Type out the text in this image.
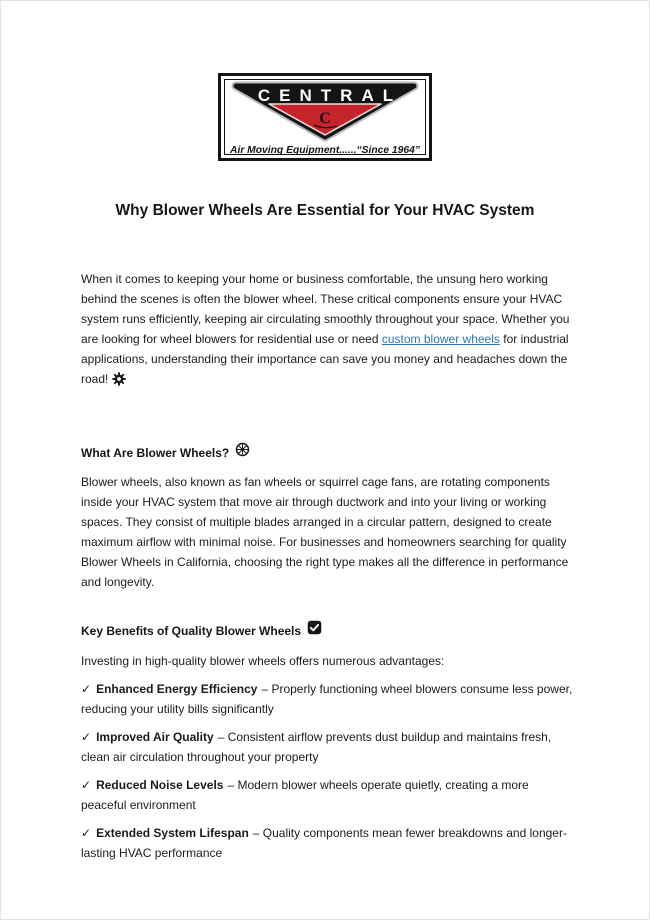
CENTRAL
C
Air Moving Equipment......“Since 1964”
Why Blower Wheels Are Essential for Your HVAC System

When it comes to keeping your home or business comfortable, the unsung hero working behind the scenes is often the blower wheel. These critical components ensure your HVAC system runs efficiently, keeping air circulating smoothly throughout your space. Whether you are looking for wheel blowers for residential use or need custom blower wheels for industrial applications, understanding their importance can save you money and headaches down the road!

What Are Blower Wheels?

Blower wheels, also known as fan wheels or squirrel cage fans, are rotating components inside your HVAC system that move air through ductwork and into your living or working spaces. They consist of multiple blades arranged in a circular pattern, designed to create maximum airflow with minimal noise. For businesses and homeowners searching for quality Blower Wheels in California, choosing the right type makes all the difference in performance and longevity.

Key Benefits of Quality Blower Wheels

Investing in high-quality blower wheels offers numerous advantages:

✓ Enhanced Energy Efficiency – Properly functioning wheel blowers consume less power, reducing your utility bills significantly

✓ Improved Air Quality – Consistent airflow prevents dust buildup and maintains fresh, clean air circulation throughout your property

✓ Reduced Noise Levels – Modern blower wheels operate quietly, creating a more peaceful environment

✓ Extended System Lifespan – Quality components mean fewer breakdowns and longer-lasting HVAC performance
